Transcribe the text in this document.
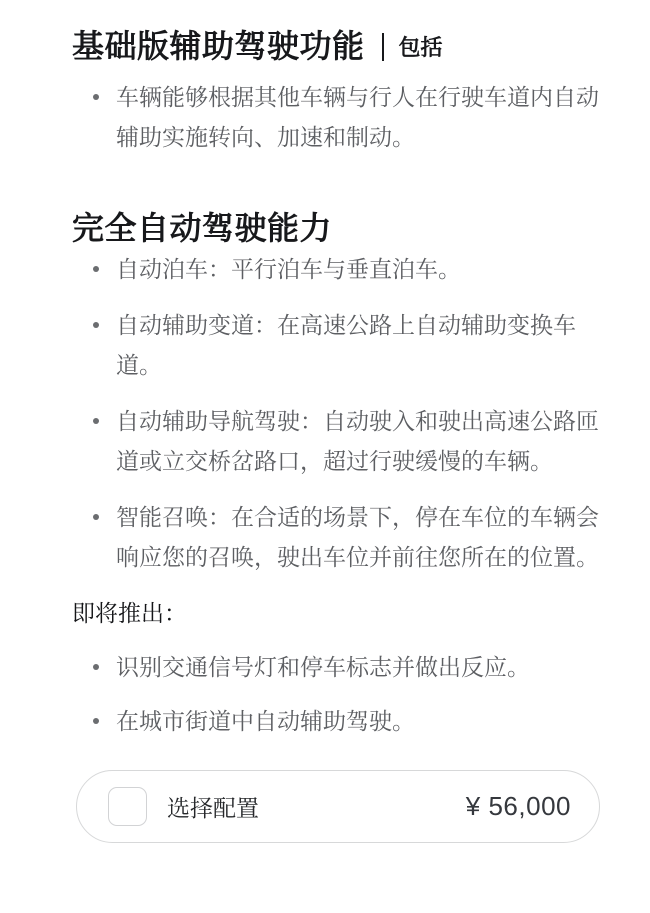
基础版辅助驾驶功能 包括
车辆能够根据其他车辆与行人在行驶车道内自动辅助实施转向、加速和制动。
完全自动驾驶能力
自动泊车：平行泊车与垂直泊车。
自动辅助变道：在高速公路上自动辅助变换车道。
自动辅助导航驾驶：自动驶入和驶出高速公路匝道或立交桥岔路口，超过行驶缓慢的车辆。
智能召唤：在合适的场景下，停在车位的车辆会响应您的召唤，驶出车位并前往您所在的位置。

即将推出：

识别交通信号灯和停车标志并做出反应。
在城市街道中自动辅助驾驶。
选择配置	¥ 56,000
